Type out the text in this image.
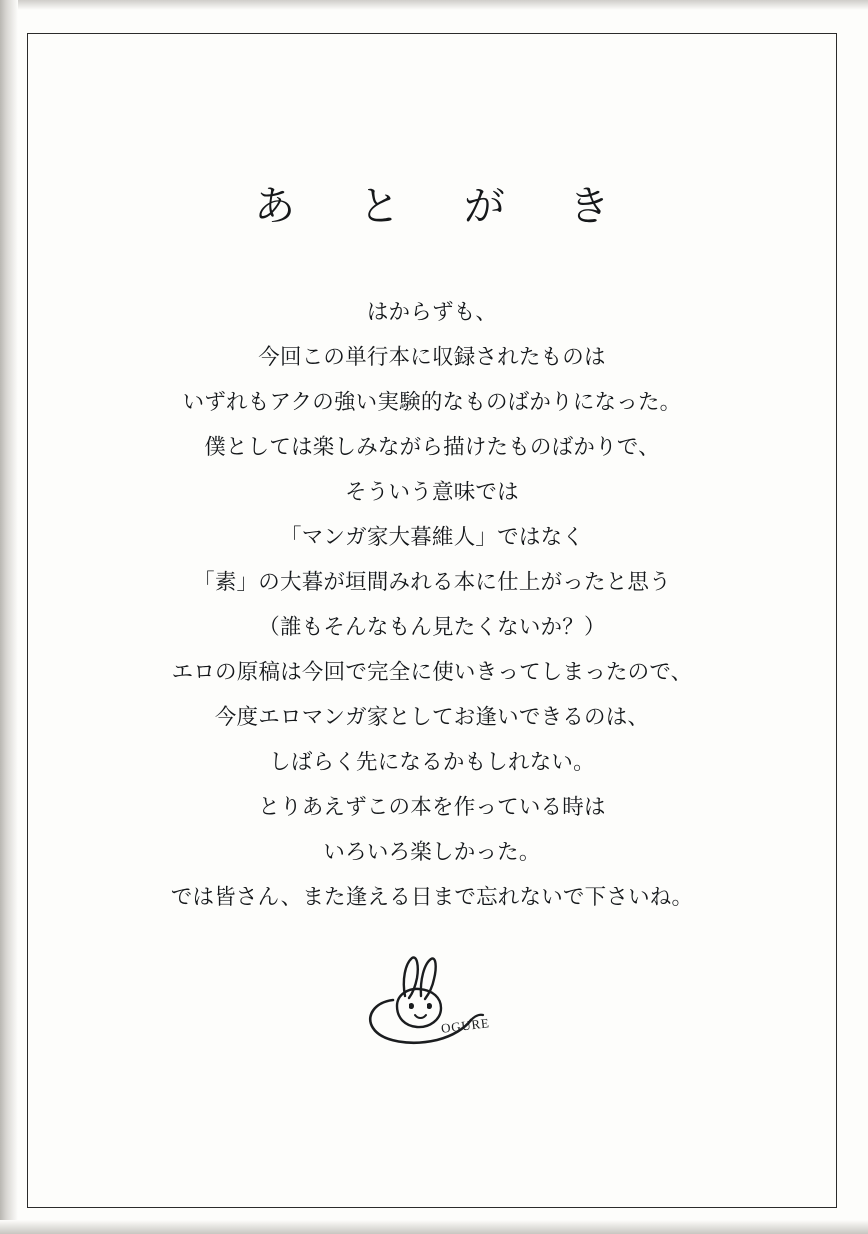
あ と が き
はからずも、
今回この単行本に収録されたものは
いずれもアクの強い実験的なものばかりになった。
僕としては楽しみながら描けたものばかりで、
そういう意味では
「マンガ家大暮維人」ではなく
「素」の大暮が垣間みれる本に仕上がったと思う
（誰もそんなもん見たくないか？）
エロの原稿は今回で完全に使いきってしまったので、
今度エロマンガ家としてお逢いできるのは、
しばらく先になるかもしれない。
とりあえずこの本を作っている時は
いろいろ楽しかった。
では皆さん、また逢える日まで忘れないで下さいね。
OGURE
